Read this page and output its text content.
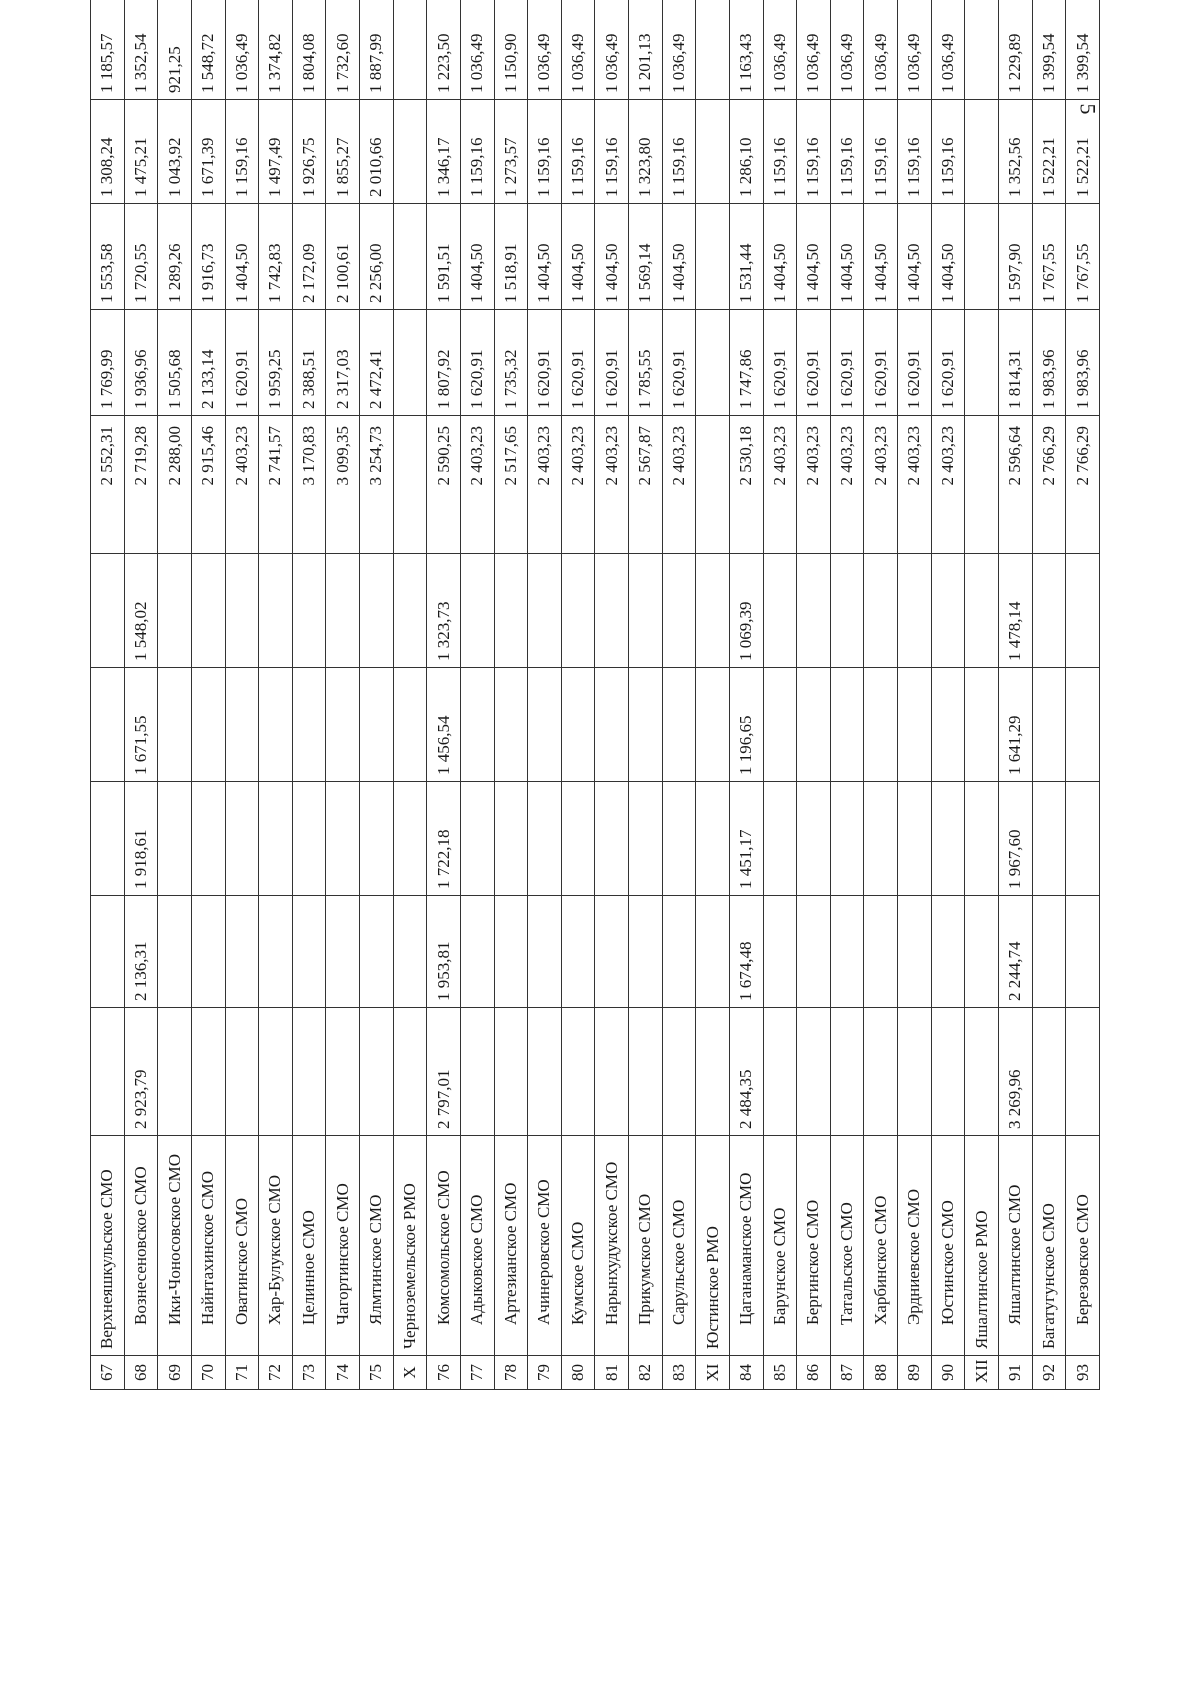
5
67	Верхнеяшкульское СМО						2 552,31	1 769,99	1 553,58	1 308,24	1 185,57
68	Вознесеновское СМО	2 923,79	2 136,31	1 918,61	1 671,55	1 548,02	2 719,28	1 936,96	1 720,55	1 475,21	1 352,54
69	Ики-Чоносовское СМО						2 288,00	1 505,68	1 289,26	1 043,92	921,25
70	Найнтахинское СМО						2 915,46	2 133,14	1 916,73	1 671,39	1 548,72
71	Оватинское СМО						2 403,23	1 620,91	1 404,50	1 159,16	1 036,49
72	Хар-Булукское СМО						2 741,57	1 959,25	1 742,83	1 497,49	1 374,82
73	Целинное СМО						3 170,83	2 388,51	2 172,09	1 926,75	1 804,08
74	Чагортинское СМО						3 099,35	2 317,03	2 100,61	1 855,27	1 732,60
75	Ялмтинское СМО						3 254,73	2 472,41	2 256,00	2 010,66	1 887,99
X	Черноземельское РМО										
76	Комсомольское СМО	2 797,01	1 953,81	1 722,18	1 456,54	1 323,73	2 590,25	1 807,92	1 591,51	1 346,17	1 223,50
77	Адыковское СМО						2 403,23	1 620,91	1 404,50	1 159,16	1 036,49
78	Артезианское СМО						2 517,65	1 735,32	1 518,91	1 273,57	1 150,90
79	Ачинеровское СМО						2 403,23	1 620,91	1 404,50	1 159,16	1 036,49
80	Кумское СМО						2 403,23	1 620,91	1 404,50	1 159,16	1 036,49
81	Нарынхудукское СМО						2 403,23	1 620,91	1 404,50	1 159,16	1 036,49
82	Прикумское СМО						2 567,87	1 785,55	1 569,14	1 323,80	1 201,13
83	Сарульское СМО						2 403,23	1 620,91	1 404,50	1 159,16	1 036,49
XI	Юстинское РМО										
84	Цаганаманское СМО	2 484,35	1 674,48	1 451,17	1 196,65	1 069,39	2 530,18	1 747,86	1 531,44	1 286,10	1 163,43
85	Барунское СМО						2 403,23	1 620,91	1 404,50	1 159,16	1 036,49
86	Бергинское СМО						2 403,23	1 620,91	1 404,50	1 159,16	1 036,49
87	Татальское СМО						2 403,23	1 620,91	1 404,50	1 159,16	1 036,49
88	Харбинское СМО						2 403,23	1 620,91	1 404,50	1 159,16	1 036,49
89	Эрдниевское СМО						2 403,23	1 620,91	1 404,50	1 159,16	1 036,49
90	Юстинское СМО						2 403,23	1 620,91	1 404,50	1 159,16	1 036,49
XII	Яшалтинское РМО										
91	Яшалтинское СМО	3 269,96	2 244,74	1 967,60	1 641,29	1 478,14	2 596,64	1 814,31	1 597,90	1 352,56	1 229,89
92	Багатугунское СМО						2 766,29	1 983,96	1 767,55	1 522,21	1 399,54
93	Березовское СМО						2 766,29	1 983,96	1 767,55	1 522,21	1 399,54
